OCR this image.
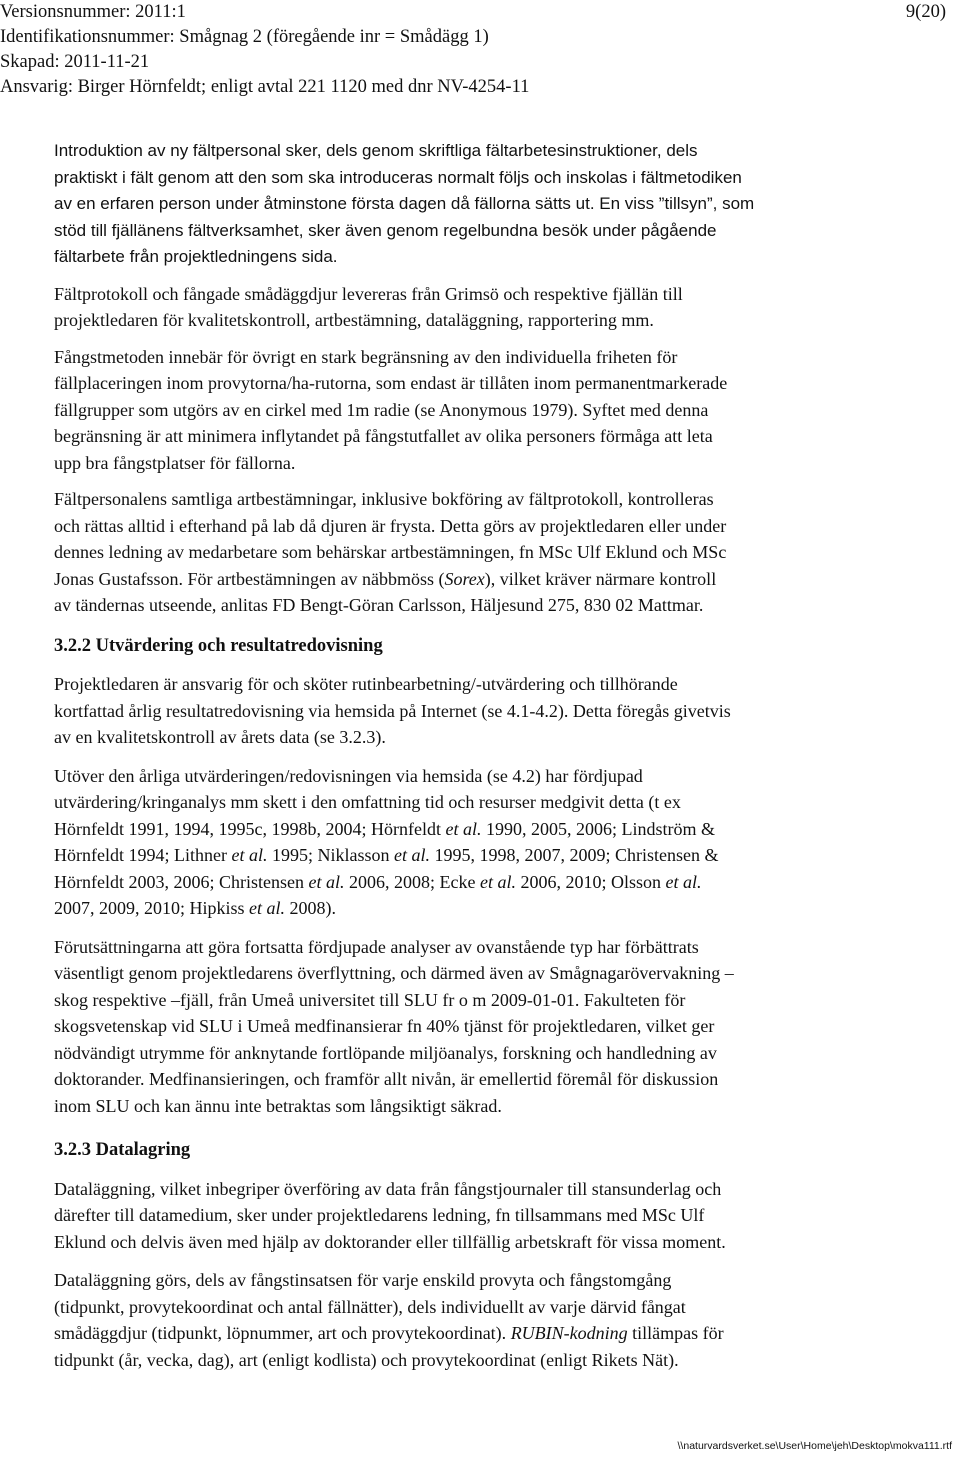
Versionsnummer: 2011:1	9(20)
Identifikationsnummer: Smågnag 2 (föregående inr = Smådägg 1)
Skapad: 2011-11-21
Ansvarig: Birger Hörnfeldt; enligt avtal 221 1120 med dnr NV-4254-11

Introduktion av ny fältpersonal sker, dels genom skriftliga fältarbetesinstruktioner, dels
praktiskt i fält genom att den som ska introduceras normalt följs och inskolas i fältmetodiken
av en erfaren person under åtminstone första dagen då fällorna sätts ut. En viss ”tillsyn”, som
stöd till fjällänens fältverksamhet, sker även genom regelbundna besök under pågående
fältarbete från projektledningens sida.

Fältprotokoll och fångade smådäggdjur levereras från Grimsö och respektive fjällän till
projektledaren för kvalitetskontroll, artbestämning, dataläggning, rapportering mm.

Fångstmetoden innebär för övrigt en stark begränsning av den individuella friheten för
fällplaceringen inom provytorna/ha-rutorna, som endast är tillåten inom permanentmarkerade
fällgrupper som utgörs av en cirkel med 1m radie (se Anonymous 1979). Syftet med denna
begränsning är att minimera inflytandet på fångstutfallet av olika personers förmåga att leta
upp bra fångstplatser för fällorna.

Fältpersonalens samtliga artbestämningar, inklusive bokföring av fältprotokoll, kontrolleras
och rättas alltid i efterhand på lab då djuren är frysta. Detta görs av projektledaren eller under
dennes ledning av medarbetare som behärskar artbestämningen, fn MSc Ulf Eklund och MSc
Jonas Gustafsson. För artbestämningen av näbbmöss (Sorex), vilket kräver närmare kontroll
av tändernas utseende, anlitas FD Bengt-Göran Carlsson, Häljesund 275, 830 02 Mattmar.

3.2.2 Utvärdering och resultatredovisning

Projektledaren är ansvarig för och sköter rutinbearbetning/-utvärdering och tillhörande
kortfattad årlig resultatredovisning via hemsida på Internet (se 4.1-4.2). Detta föregås givetvis
av en kvalitetskontroll av årets data (se 3.2.3).

Utöver den årliga utvärderingen/redovisningen via hemsida (se 4.2) har fördjupad
utvärdering/kringanalys mm skett i den omfattning tid och resurser medgivit detta (t ex
Hörnfeldt 1991, 1994, 1995c, 1998b, 2004; Hörnfeldt et al. 1990, 2005, 2006; Lindström &
Hörnfeldt 1994; Lithner et al. 1995; Niklasson et al. 1995, 1998, 2007, 2009; Christensen &
Hörnfeldt 2003, 2006; Christensen et al. 2006, 2008; Ecke et al. 2006, 2010; Olsson et al.
2007, 2009, 2010; Hipkiss et al. 2008).

Förutsättningarna att göra fortsatta fördjupade analyser av ovanstående typ har förbättrats
väsentligt genom projektledarens överflyttning, och därmed även av Smågnagarövervakning –
skog respektive –fjäll, från Umeå universitet till SLU fr o m 2009-01-01. Fakulteten för
skogsvetenskap vid SLU i Umeå medfinansierar fn 40% tjänst för projektledaren, vilket ger
nödvändigt utrymme för anknytande fortlöpande miljöanalys, forskning och handledning av
doktorander. Medfinansieringen, och framför allt nivån, är emellertid föremål för diskussion
inom SLU och kan ännu inte betraktas som långsiktigt säkrad.

3.2.3 Datalagring

Dataläggning, vilket inbegriper överföring av data från fångstjournaler till stansunderlag och
därefter till datamedium, sker under projektledarens ledning, fn tillsammans med MSc Ulf
Eklund och delvis även med hjälp av doktorander eller tillfällig arbetskraft för vissa moment.

Dataläggning görs, dels av fångstinsatsen för varje enskild provyta och fångstomgång
(tidpunkt, provytekoordinat och antal fällnätter), dels individuellt av varje därvid fångat
smådäggdjur (tidpunkt, löpnummer, art och provytekoordinat). RUBIN-kodning tillämpas för
tidpunkt (år, vecka, dag), art (enligt kodlista) och provytekoordinat (enligt Rikets Nät).

\\naturvardsverket.se\User\Home\jeh\Desktop\mokva111.rtf
